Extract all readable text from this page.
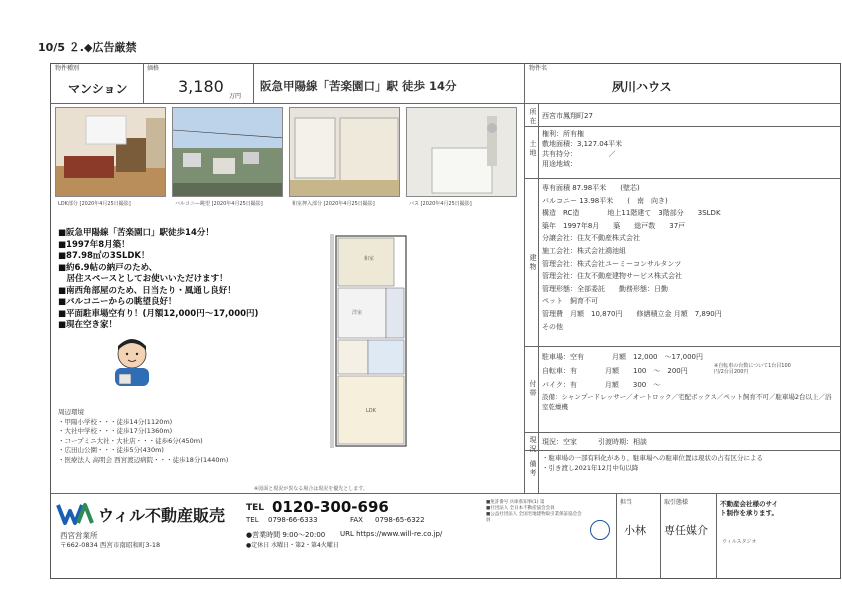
10/5 ２.◆広告厳禁
物件種別
マンション
価格
3,180
万円
阪急甲陽線「苦楽園口」駅 徒歩 14分
物件名
夙川ハウス
LDK部分 [2020年4月25日撮影]	バルコニー眺望 [2020年4月25日撮影]	和室押入部分 [2020年4月25日撮影]	バス [2020年4月25日撮影]
■阪急甲陽線「苦楽園口」駅徒歩14分！
■1997年8月築！
■87.98㎡の3SLDK！
■約6.9帖の納戸のため、
　居住スペースとしてお使いいただけます！
■南西角部屋のため、日当たり・風通し良好！
■バルコニーからの眺望良好！
■平面駐車場空有り！(月額12,000円〜17,000円)
■現在空き家！
周辺環境
・甲陽小学校・・・徒歩14分(1120m)
・大社中学校・・・徒歩17分(1360m)
・コープミニ大社・大社店・・・徒歩6分(450m)
・広田山公園・・・徒歩5分(430m)
・医療法人 高明会 西宮渡辺病院・・・徒歩18分(1440m)
和室
洋室
LDK
※図面と現況が異なる場合は現況を優先とします。
所在
西宮市鳳翔町27
土地
権利：所有権
敷地面積：3,127.04平米
共有持分：　　　　　／
用途地域：
建物
専有面積 87.98平米　　(壁芯)
バルコニー 13.98平米　　(　南　向き)
構造　RC造　　　　地上11階建て　3階部分　　3SLDK
築年　1997年8月　　築　　総戸数　　37戸
分譲会社：住友不動産株式会社
施工会社：株式会社鴻池組
管理会社：株式会社ユーミーコンサルタンツ
管理会社：住友不動産建物サービス株式会社
管理形態：全部委託　　勤務形態：日勤
ペット　飼育不可
管理費　月額　10,870円　　修繕積立金 月額　7,890円
その他
付帯
駐車場：空有　　　　月額　12,000　〜17,000円
自転車：有　　　　月額　　100　〜　200円
バイク：有　　　　月額　　300　〜
設備：シャンプードレッサー／オートロック／宅配ボックス／ペット飼育不可／駐車場2台以上／浴室乾燥機
※自転車の台数について1台目100円/2台目200円
現況
現況：空家　　　引渡時期：相談
備考
・駐車場の一部有料化があり、駐車場への駐車位置は現状の占有区分による
・引き渡し2021年12月中旬以降
ウィル不動産販売
西宮営業所
〒662-0834 西宮市南昭和町3-18
TEL 0120-300-696
TEL 0798-66-6333	FAX 0798-65-6322
●営業時間 9:00〜20:00
●定休日 水曜日・第2・第4火曜日
URL https://www.will-re.co.jp/
■免許番号 兵庫県知事(1) 第
■社団法人 全日本不動産協会会員
■公益社団法人 全国宅地建物取引業保証協会会員
担当
小林
取引態様
専任媒介
不動産会社様のサイト制作を承ります。
ウィルスタジオ
